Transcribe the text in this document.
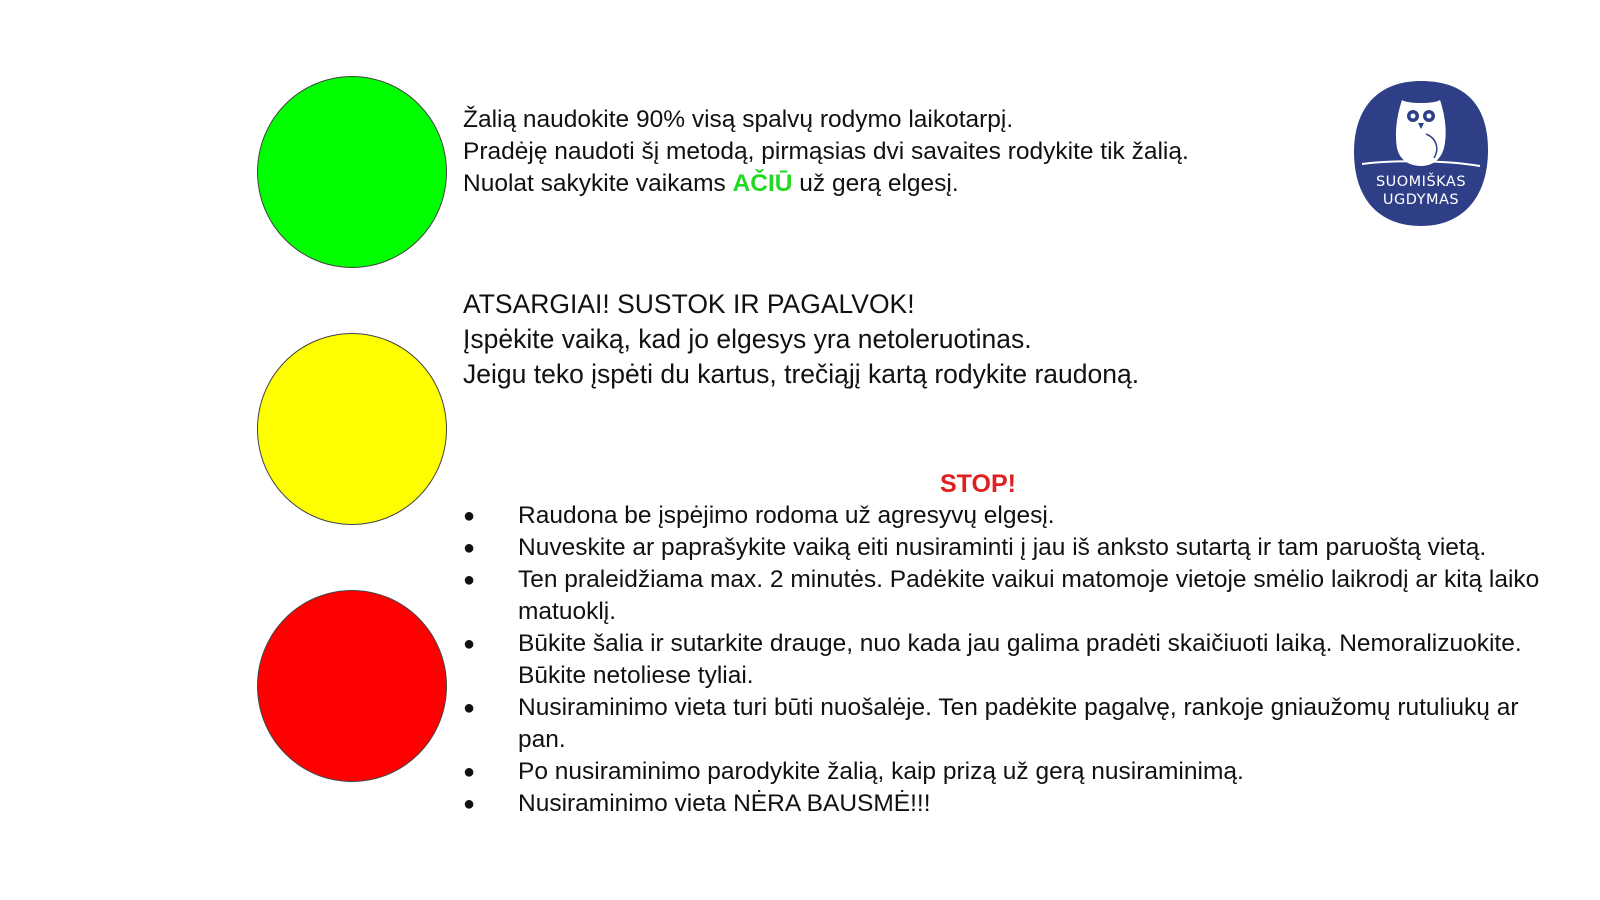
Žalią naudokite 90% visą spalvų rodymo laikotarpį.
Pradėję naudoti šį metodą, pirmąsias dvi savaites rodykite tik žalią.
Nuolat sakykite vaikams AČIŪ už gerą elgesį.
ATSARGIAI! SUSTOK IR PAGALVOK!
Įspėkite vaiką, kad jo elgesys yra netoleruotinas.
Jeigu teko įspėti du kartus, trečiąjį kartą rodykite raudoną.
STOP!
● Raudona be įspėjimo rodoma už agresyvų elgesį.
● Nuveskite ar paprašykite vaiką eiti nusiraminti į jau iš anksto sutartą ir tam paruoštą vietą.
● Ten praleidžiama max. 2 minutės. Padėkite vaikui matomoje vietoje smėlio laikrodį ar kitą laiko matuoklį.
● Būkite šalia ir sutarkite drauge, nuo kada jau galima pradėti skaičiuoti laiką. Nemoralizuokite. Būkite netoliese tyliai.
● Nusiraminimo vieta turi būti nuošalėje. Ten padėkite pagalvę, rankoje gniaužomų rutuliukų ar pan.
● Po nusiraminimo parodykite žalią, kaip prizą už gerą nusiraminimą.
● Nusiraminimo vieta NĖRA BAUSMĖ!!!
SUOMIŠKAS
UGDYMAS
